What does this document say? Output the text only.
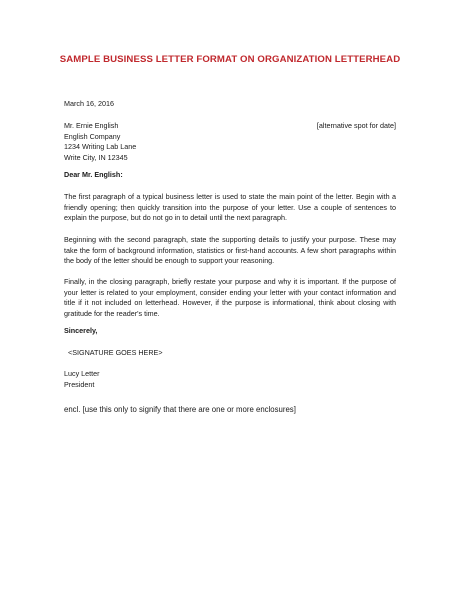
SAMPLE BUSINESS LETTER FORMAT ON ORGANIZATION LETTERHEAD
March 16, 2016
Mr. Ernie English	[alternative spot for date]
English Company
1234 Writing Lab Lane
Write City, IN 12345
Dear Mr. English:
The first paragraph of a typical business letter is used to state the main point of the letter. Begin with a friendly opening; then quickly transition into the purpose of your letter. Use a couple of sentences to explain the purpose, but do not go in to detail until the next paragraph.
Beginning with the second paragraph, state the supporting details to justify your purpose. These may take the form of background information, statistics or first-hand accounts. A few short paragraphs within the body of the letter should be enough to support your reasoning.
Finally, in the closing paragraph, briefly restate your purpose and why it is important. If the purpose of your letter is related to your employment, consider ending your letter with your contact information and title if it not included on letterhead. However, if the purpose is informational, think about closing with gratitude for the reader's time.
Sincerely,
<SIGNATURE GOES HERE>
Lucy Letter
President
encl. [use this only to signify that there are one or more enclosures]
